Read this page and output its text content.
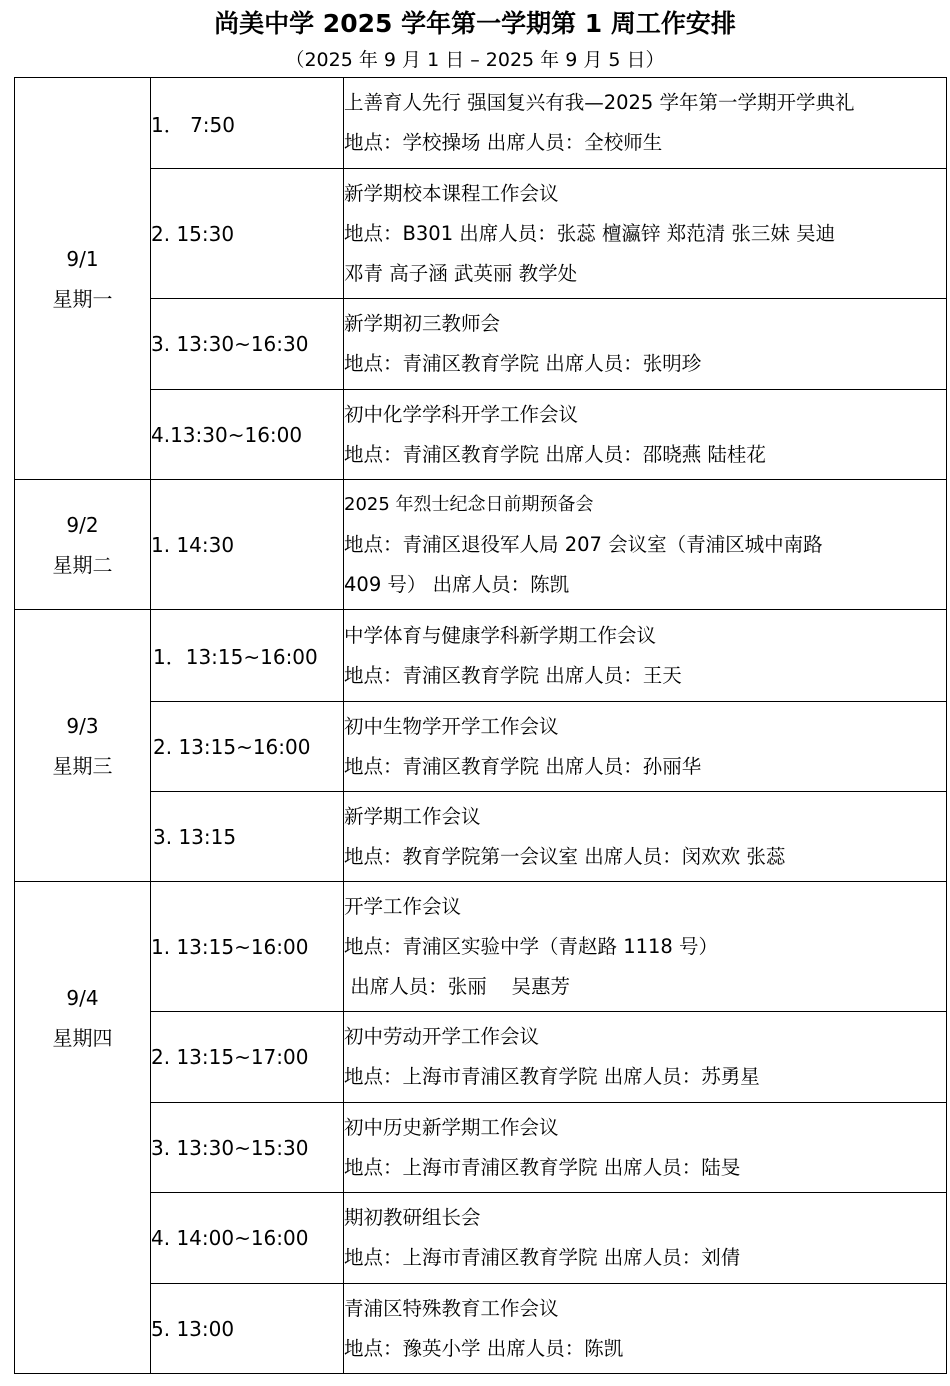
尚美中学 2025 学年第一学期第 1 周工作安排
（2025 年 9 月 1 日 – 2025 年 9 月 5 日）
9/1
星期一	1． 7:50	上善育人先行 强国复兴有我—2025 学年第一学期开学典礼
地点：学校操场 出席人员：全校师生

	2. 15:30	新学期校本课程工作会议
地点：B301 出席人员：张蕊 檀瀛锌 郑范清 张三妹 吴迪
邓青 高子涵 武英丽 教学处

	3. 13:30~16:30	新学期初三教师会
地点：青浦区教育学院 出席人员：张明珍

	4.13:30~16:00	初中化学学科开学工作会议
地点：青浦区教育学院 出席人员：邵晓燕 陆桂花

9/2
星期二	1. 14:30	2025 年烈士纪念日前期预备会
地点：青浦区退役军人局 207 会议室（青浦区城中南路
409 号） 出席人员：陈凯

9/3
星期三	1．13:15~16:00	中学体育与健康学科新学期工作会议
地点：青浦区教育学院 出席人员：王天

	2. 13:15~16:00	初中生物学开学工作会议
地点：青浦区教育学院 出席人员：孙丽华

	3. 13:15	新学期工作会议
地点：教育学院第一会议室 出席人员：闵欢欢 张蕊

9/4
星期四	1. 13:15~16:00	开学工作会议
地点：青浦区实验中学（青赵路 1118 号）
出席人员：张丽    吴惠芳

	2. 13:15~17:00	初中劳动开学工作会议
地点：上海市青浦区教育学院 出席人员：苏勇星

	3. 13:30~15:30	初中历史新学期工作会议
地点：上海市青浦区教育学院 出席人员：陆旻

	4. 14:00~16:00	期初教研组长会
地点：上海市青浦区教育学院 出席人员：刘倩

	5. 13:00	青浦区特殊教育工作会议
地点：豫英小学 出席人员：陈凯
